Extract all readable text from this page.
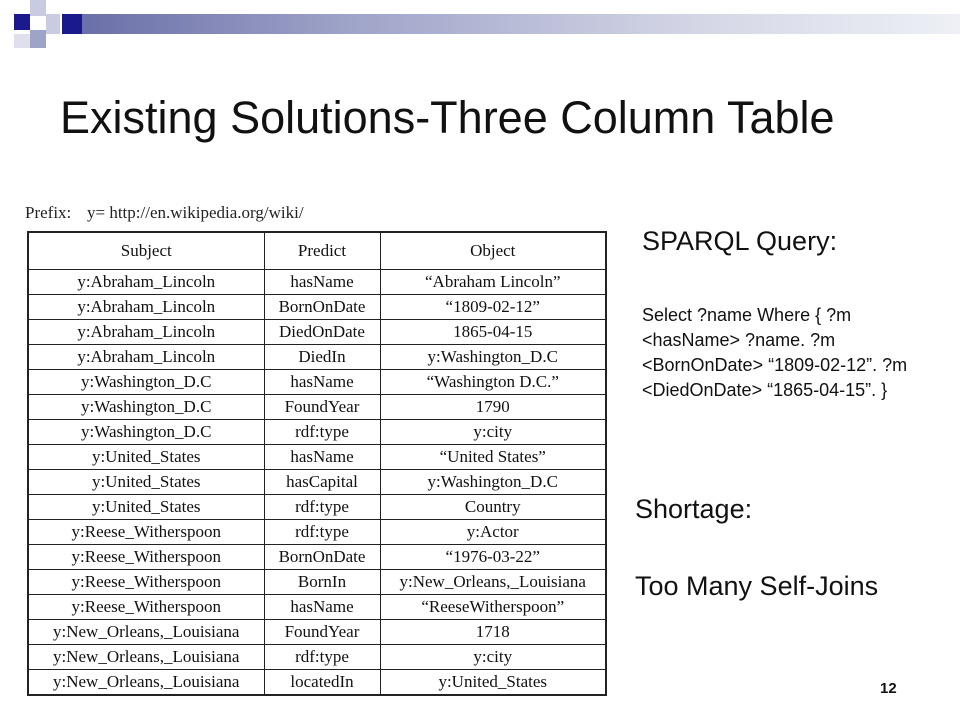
Existing Solutions-Three Column Table
Prefix: y= http://en.wikipedia.org/wiki/
Subject	Predict	Object
y:Abraham_Lincoln	hasName	“Abraham Lincoln”
y:Abraham_Lincoln	BornOnDate	“1809-02-12”
y:Abraham_Lincoln	DiedOnDate	1865-04-15
y:Abraham_Lincoln	DiedIn	y:Washington_D.C
y:Washington_D.C	hasName	“Washington D.C.”
y:Washington_D.C	FoundYear	1790
y:Washington_D.C	rdf:type	y:city
y:United_States	hasName	“United States”
y:United_States	hasCapital	y:Washington_D.C
y:United_States	rdf:type	Country
y:Reese_Witherspoon	rdf:type	y:Actor
y:Reese_Witherspoon	BornOnDate	“1976-03-22”
y:Reese_Witherspoon	BornIn	y:New_Orleans,_Louisiana
y:Reese_Witherspoon	hasName	“ReeseWitherspoon”
y:New_Orleans,_Louisiana	FoundYear	1718
y:New_Orleans,_Louisiana	rdf:type	y:city
y:New_Orleans,_Louisiana	locatedIn	y:United_States
SPARQL Query:
Select ?name Where { ?m <hasName> ?name. ?m <BornOnDate> “1809-02-12”. ?m <DiedOnDate> “1865-04-15”. }
Shortage:
Too Many Self-Joins
12
